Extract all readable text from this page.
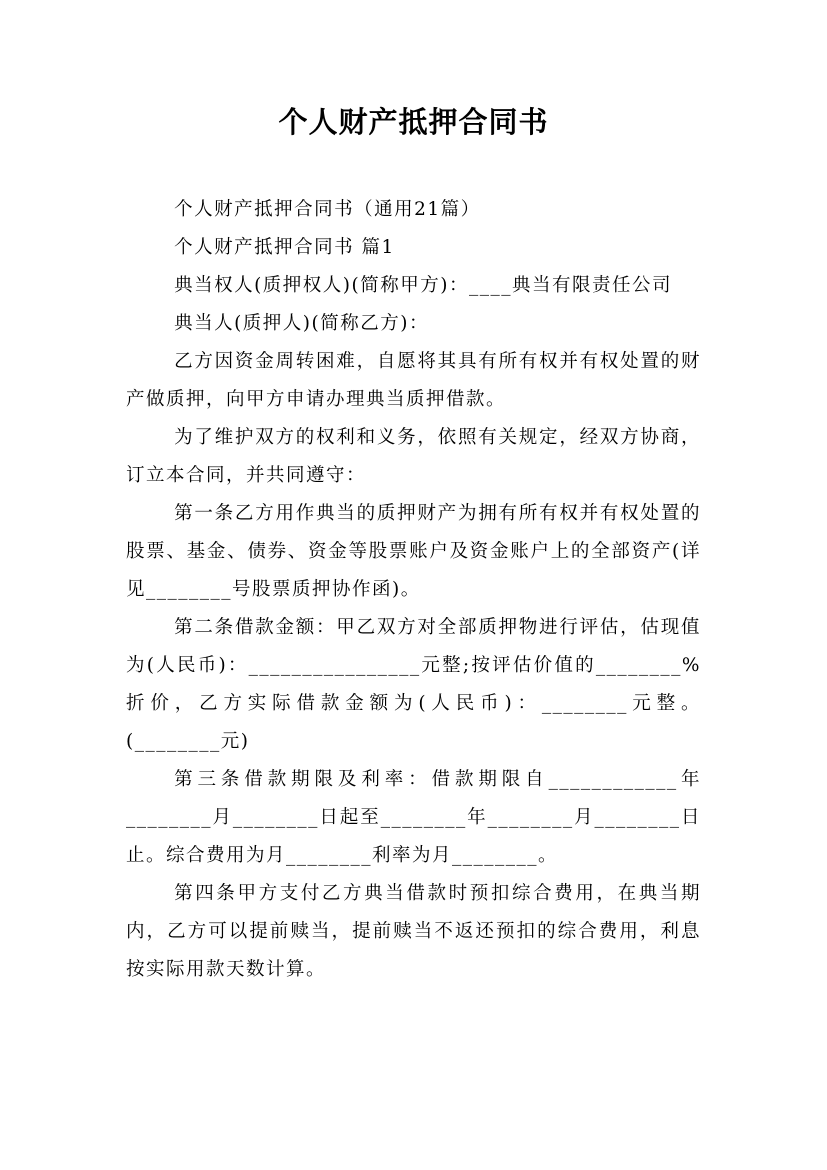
个人财产抵押合同书

个人财产抵押合同书（通用21篇）

个人财产抵押合同书 篇1

典当权人(质押权人)(简称甲方)：____典当有限责任公司

典当人(质押人)(简称乙方)：

乙方因资金周转困难，自愿将其具有所有权并有权处置的财产做质押，向甲方申请办理典当质押借款。

为了维护双方的权利和义务，依照有关规定，经双方协商，订立本合同，并共同遵守：

第一条乙方用作典当的质押财产为拥有所有权并有权处置的股票、基金、债券、资金等股票账户及资金账户上的全部资产(详见________号股票质押协作函)。

第二条借款金额：甲乙双方对全部质押物进行评估，估现值为(人民币)：________________元整;按评估价值的________%折价，乙方实际借款金额为(人民币)：________元整。(________元)

第三条借款期限及利率：借款期限自____________年________月________日起至________年________月________日止。综合费用为月________利率为月________。

第四条甲方支付乙方典当借款时预扣综合费用，在典当期内，乙方可以提前赎当，提前赎当不返还预扣的综合费用，利息按实际用款天数计算。
